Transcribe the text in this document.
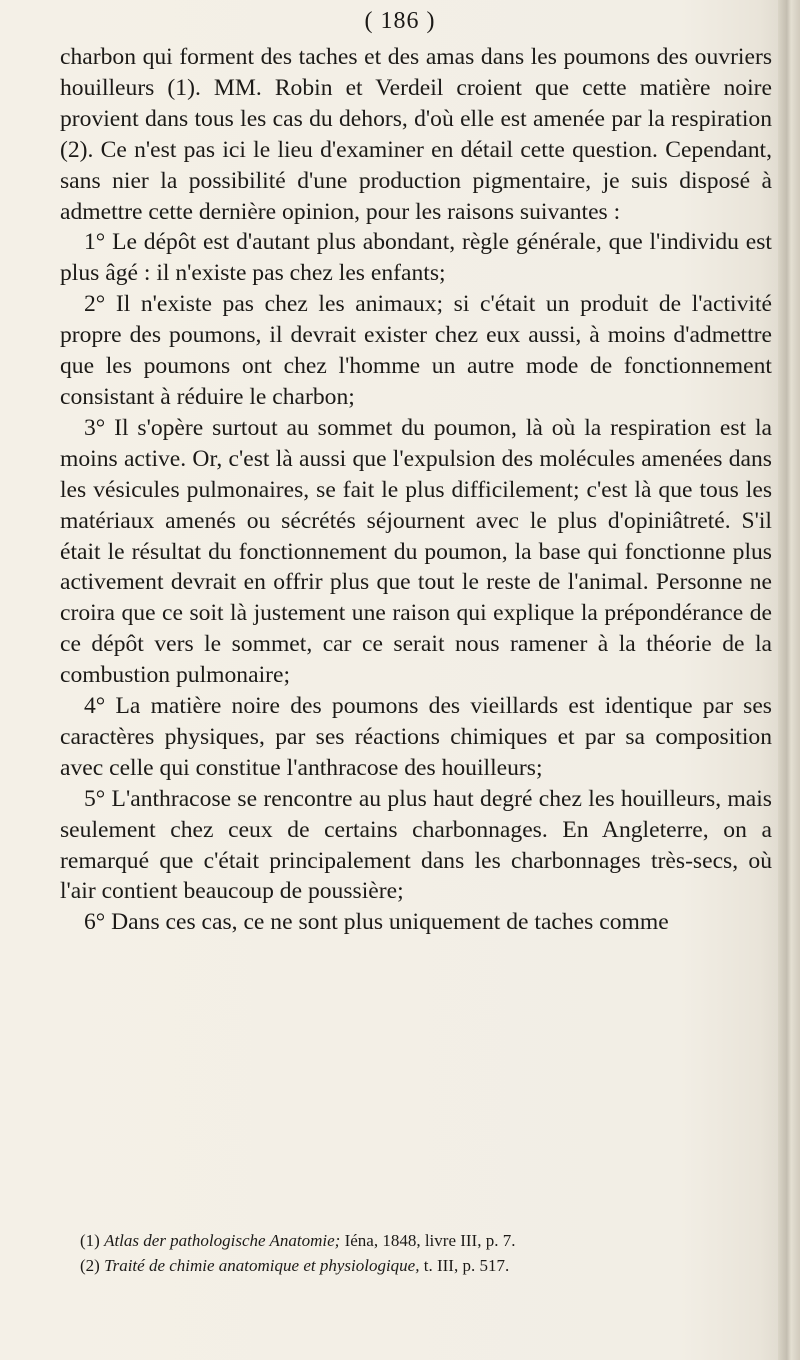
( 186 )

charbon qui forment des taches et des amas dans les poumons des ouvriers houilleurs (1). MM. Robin et Verdeil croient que cette matière noire provient dans tous les cas du dehors, d'où elle est amenée par la respiration (2). Ce n'est pas ici le lieu d'examiner en détail cette question. Cependant, sans nier la possibilité d'une production pigmentaire, je suis disposé à admettre cette dernière opinion, pour les raisons suivantes :

1° Le dépôt est d'autant plus abondant, règle générale, que l'individu est plus âgé : il n'existe pas chez les enfants;

2° Il n'existe pas chez les animaux; si c'était un produit de l'activité propre des poumons, il devrait exister chez eux aussi, à moins d'admettre que les poumons ont chez l'homme un autre mode de fonctionnement consistant à réduire le charbon;

3° Il s'opère surtout au sommet du poumon, là où la respiration est la moins active. Or, c'est là aussi que l'expulsion des molécules amenées dans les vésicules pulmonaires, se fait le plus difficilement; c'est là que tous les matériaux amenés ou sécrétés séjournent avec le plus d'opiniâtreté. S'il était le résultat du fonctionnement du poumon, la base qui fonctionne plus activement devrait en offrir plus que tout le reste de l'animal. Personne ne croira que ce soit là justement une raison qui explique la prépondérance de ce dépôt vers le sommet, car ce serait nous ramener à la théorie de la combustion pulmonaire;

4° La matière noire des poumons des vieillards est identique par ses caractères physiques, par ses réactions chimiques et par sa composition avec celle qui constitue l'anthracose des houilleurs;

5° L'anthracose se rencontre au plus haut degré chez les houilleurs, mais seulement chez ceux de certains charbonnages. En Angleterre, on a remarqué que c'était principalement dans les charbonnages très-secs, où l'air contient beaucoup de poussière;

6° Dans ces cas, ce ne sont plus uniquement de taches comme

(1) Atlas der pathologische Anatomie; Iéna, 1848, livre III, p. 7.

(2) Traité de chimie anatomique et physiologique, t. III, p. 517.
